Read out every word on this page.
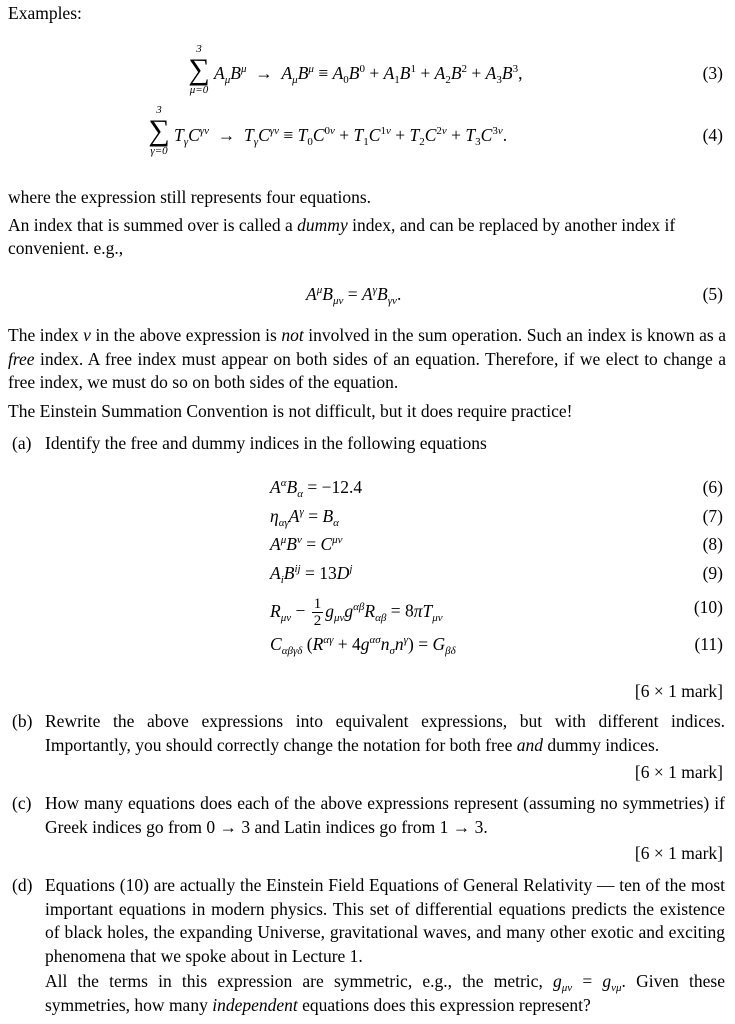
Examples:
3
∑
μ=0
$A_\mu B^\mu \to A_\mu B^\mu \equiv A_0B^0 + A_1B^1 + A_2B^2 + A_3B^3$,	(3)
3
∑
γ=0
$T_\gamma C^{\gamma\nu} \to T_\gamma C^{\gamma\nu} \equiv T_0C^{0\nu} + T_1C^{1\nu} + T_2C^{2\nu} + T_3C^{3\nu}$.	(4)
where the expression still represents four equations.
An index that is summed over is called a dummy index, and can be replaced by another index if convenient. e.g.,
$A^\mu B_{\mu\nu} = A^\gamma B_{\gamma\nu}$.	(5)
The index ν in the above expression is not involved in the sum operation. Such an index is known as a free index. A free index must appear on both sides of an equation. Therefore, if we elect to change a free index, we must do so on both sides of the equation.
The Einstein Summation Convention is not difficult, but it does require practice!
(a) Identify the free and dummy indices in the following equations
$A^\alpha B_\alpha = -12.4$	(6)
$\eta_{\alpha\gamma}A^\gamma = B_\alpha$	(7)
$A^\mu B^\nu = C^{\mu\nu}$	(8)
$A_iB^{ij} = 13D^j$	(9)
$R_{\mu\nu} - \frac{1}{2} g_{\mu\nu}g^{\alpha\beta}R_{\alpha\beta} = 8\pi T_{\mu\nu}$
(10)
$C_{\alpha\beta\gamma\delta}$ $(R^{\alpha\gamma} + 4g^{\alpha\sigma}n_\sigma n^\gamma) = G_{\beta\delta}$	(11)
[6 × 1 mark]
(b) Rewrite the above expressions into equivalent expressions, but with different indices. Importantly, you should correctly change the notation for both free and dummy indices.
[6 × 1 mark]
(c) How many equations does each of the above expressions represent (assuming no symmetries) if Greek indices go from 0 → 3 and Latin indices go from 1 → 3.
[6 × 1 mark]
(d) Equations (10) are actually the Einstein Field Equations of General Relativity — ten of the most important equations in modern physics. This set of differential equations predicts the existence of black holes, the expanding Universe, gravitational waves, and many other exotic and exciting phenomena that we spoke about in Lecture 1.
All the terms in this expression are symmetric, e.g., the metric, $g_{\mu\nu} = g_{\nu\mu}$. Given these symmetries, how many independent equations does this expression represent?
